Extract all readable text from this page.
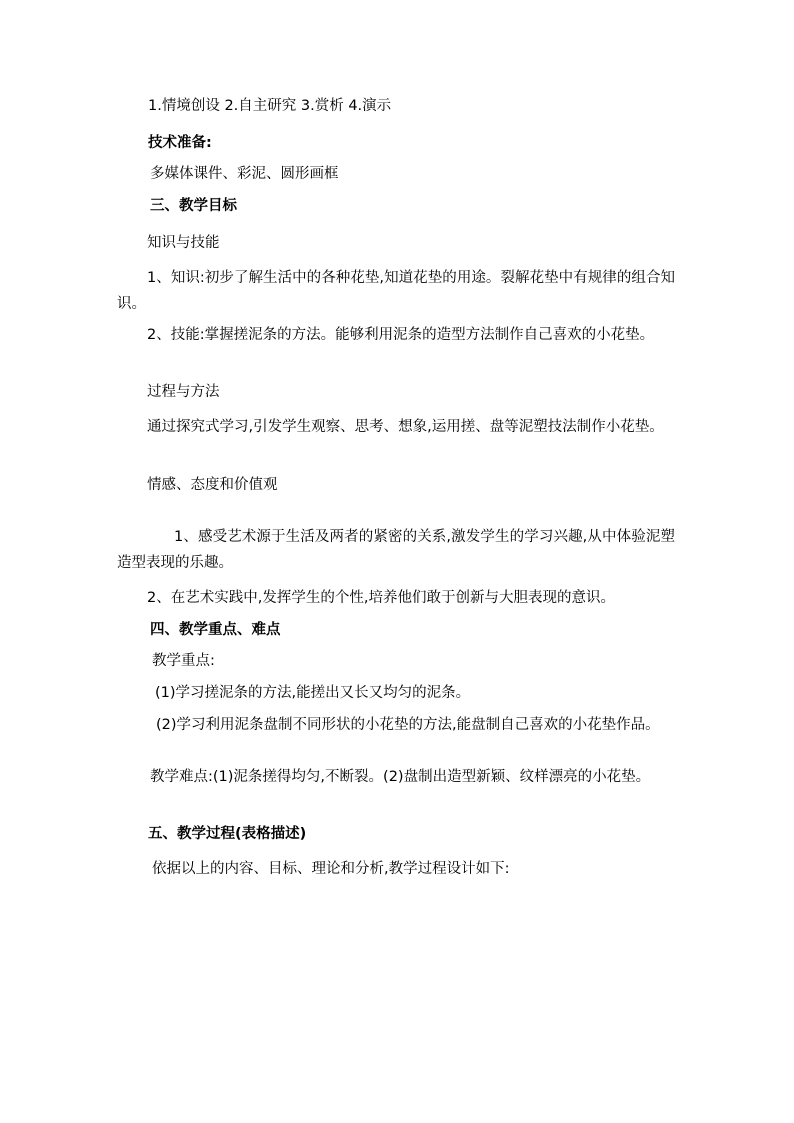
1.情境创设 2.自主研究 3.赏析 4.演示
技术准备:
多媒体课件、彩泥、圆形画框
三、教学目标
知识与技能
1、知识:初步了解生活中的各种花垫,知道花垫的用途。裂解花垫中有规律的组合知识。
2、技能:掌握搓泥条的方法。能够利用泥条的造型方法制作自己喜欢的小花垫。
过程与方法
通过探究式学习,引发学生观察、思考、想象,运用搓、盘等泥塑技法制作小花垫。
情感、态度和价值观
1、感受艺术源于生活及两者的紧密的关系,激发学生的学习兴趣,从中体验泥塑造型表现的乐趣。
2、在艺术实践中,发挥学生的个性,培养他们敢于创新与大胆表现的意识。
四、教学重点、难点
教学重点:
(1)学习搓泥条的方法,能搓出又长又均匀的泥条。
(2)学习利用泥条盘制不同形状的小花垫的方法,能盘制自己喜欢的小花垫作品。
教学难点:(1)泥条搓得均匀,不断裂。(2)盘制出造型新颖、纹样漂亮的小花垫。
五、教学过程(表格描述)
依据以上的内容、目标、理论和分析,教学过程设计如下:
